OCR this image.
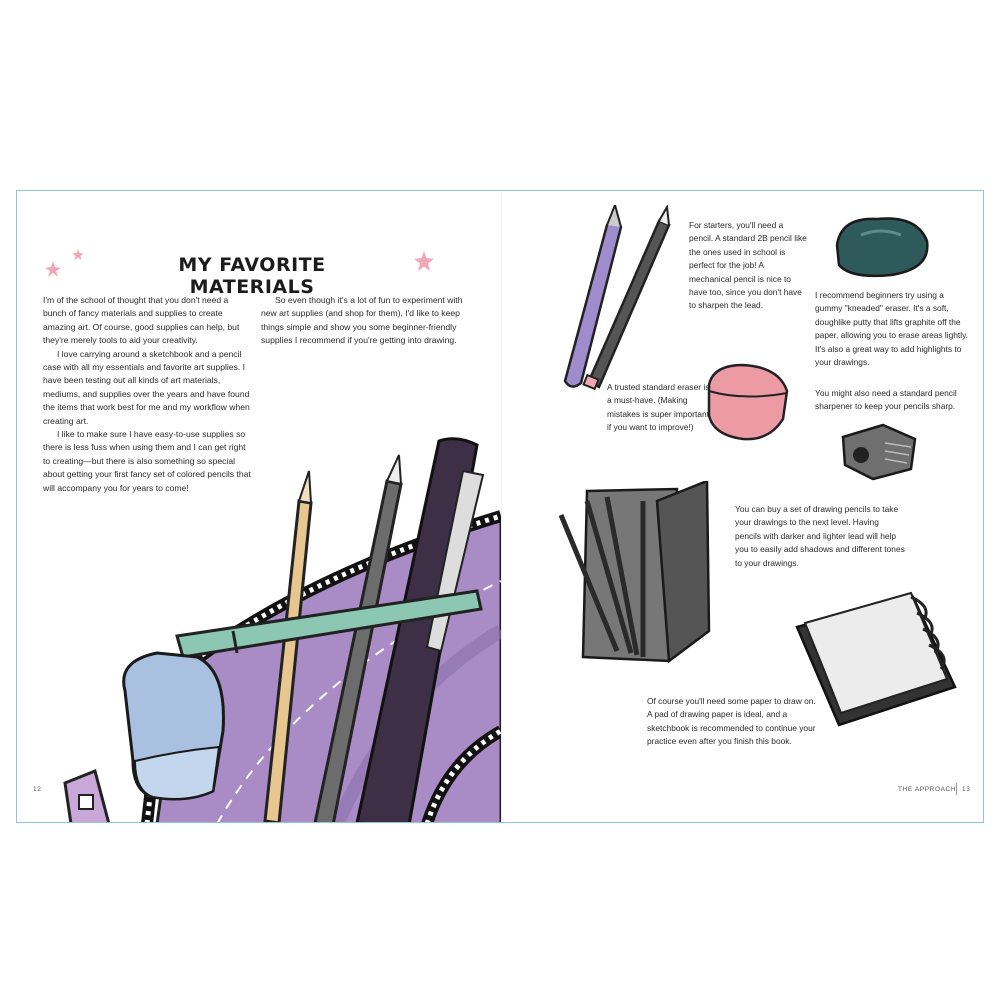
MY FAVORITE MATERIALS

I'm of the school of thought that you don't need a bunch of fancy materials and supplies to create amazing art. Of course, good supplies can help, but they're merely tools to aid your creativity.

I love carrying around a sketchbook and a pencil case with all my essentials and favorite art supplies. I have been testing out all kinds of art materials, mediums, and supplies over the years and have found the items that work best for me and my workflow when creating art.

I like to make sure I have easy-to-use supplies so there is less fuss when using them and I can get right to creating—but there is also something so special about getting your first fancy set of colored pencils that will accompany you for years to come!

So even though it's a lot of fun to experiment with new art supplies (and shop for them), I'd like to keep things simple and show you some beginner-friendly supplies I recommend if you're getting into drawing.

12
For starters, you'll need a pencil. A standard 2B pencil like the ones used in school is perfect for the job! A mechanical pencil is nice to have too, since you don't have to sharpen the lead.
A trusted standard eraser is a must-have. (Making mistakes is super important if you want to improve!)
I recommend beginners try using a gummy "kneaded" eraser. It's a soft, doughlike putty that lifts graphite off the paper, allowing you to erase areas lightly. It's also a great way to add highlights to your drawings.
You might also need a standard pencil sharpener to keep your pencils sharp.
You can buy a set of drawing pencils to take your drawings to the next level. Having pencils with darker and lighter lead will help you to easily add shadows and different tones to your drawings.
Of course you'll need some paper to draw on. A pad of drawing paper is ideal, and a sketchbook is recommended to continue your practice even after you finish this book.
THE APPROACH 13
